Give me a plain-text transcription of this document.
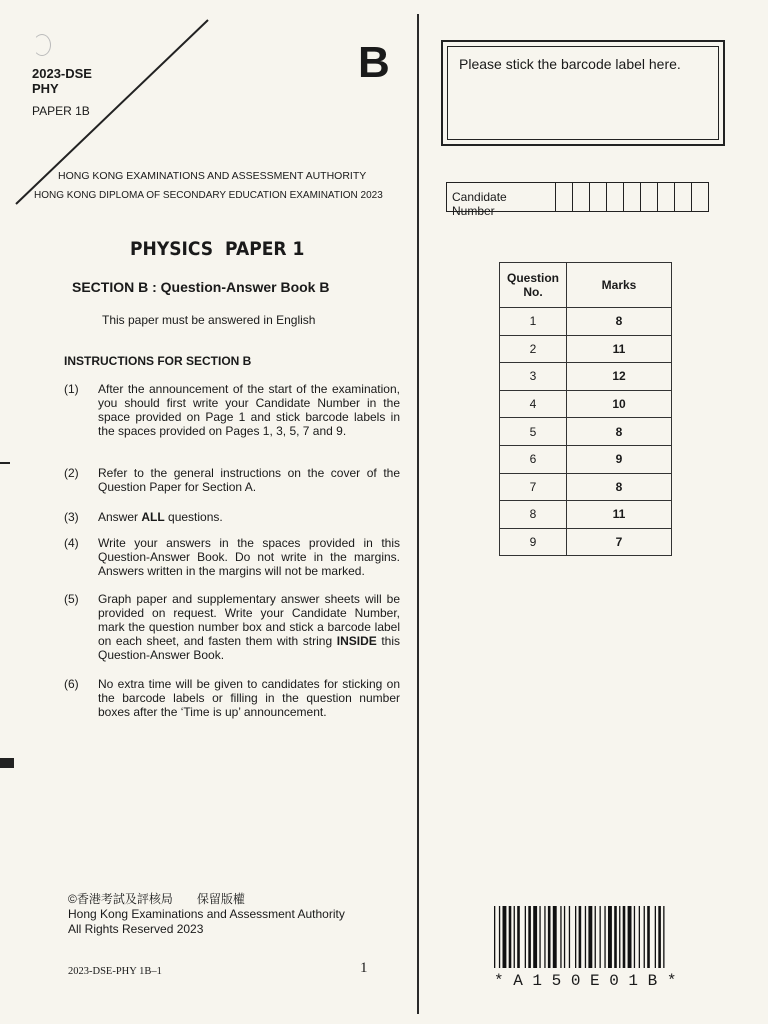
2023-DSE
PHY
PAPER 1B
B
HONG KONG EXAMINATIONS AND ASSESSMENT AUTHORITY
HONG KONG DIPLOMA OF SECONDARY EDUCATION EXAMINATION 2023
PHYSICS  PAPER 1
SECTION B : Question-Answer Book B
This paper must be answered in English
INSTRUCTIONS FOR SECTION B
(1) After the announcement of the start of the examination, you should first write your Candidate Number in the space provided on Page 1 and stick barcode labels in the spaces provided on Pages 1, 3, 5, 7 and 9.
(2) Refer to the general instructions on the cover of the Question Paper for Section A.
(3) Answer ALL questions.
(4) Write your answers in the spaces provided in this Question-Answer Book. Do not write in the margins. Answers written in the margins will not be marked.
(5) Graph paper and supplementary answer sheets will be provided on request. Write your Candidate Number, mark the question number box and stick a barcode label on each sheet, and fasten them with string INSIDE this Question-Answer Book.
(6) No extra time will be given to candidates for sticking on the barcode labels or filling in the question number boxes after the ‘Time is up’ announcement.
©香港考試及評核局　　保留版權
Hong Kong Examinations and Assessment Authority
All Rights Reserved 2023
2023-DSE-PHY 1B–1	1
Please stick the barcode label here.
Candidate Number
Question No.	Marks
1	8
2	11
3	12
4	10
5	8
6	9
7	8
8	11
9	7
* A 1 5 0 E 0 1 B *
